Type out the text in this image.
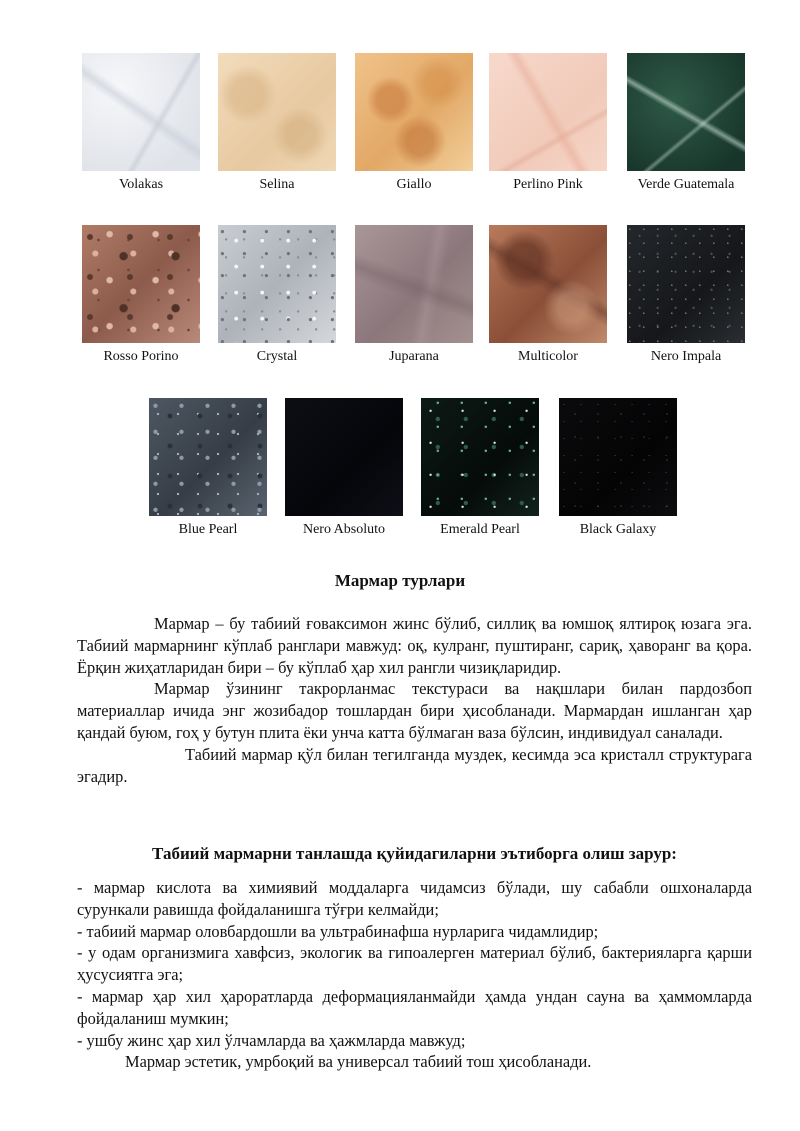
Volakas	Selina	Giallo	Perlino Pink	Verde Guatemala
Rosso Porino	Crystal	Juparana	Multicolor	Nero Impala
Blue Pearl	Nero Absoluto	Emerald Pearl	Black Galaxy
Мармар турлари

Мармар – бу табиий ғовaксимон жинс бўлиб, силлиқ ва юмшоқ ялтироқ юзага эга. Табиий мармарнинг кўплаб ранглари мавжуд: оқ, кулранг, пуштиранг, сариқ, ҳаворанг ва қора. Ёрқин жиҳатларидан бири – бу кўплаб ҳар хил рангли чизиқларидир.

Мармар ўзининг такрорланмас текстураси ва нақшлари билан пардозбоп материаллар ичида энг жозибадор тошлардан бири ҳисобланади. Мармардан ишланган ҳар қандай буюм, гоҳ у бутун плита ёки унча катта бўлмаган ваза бўлсин, индивидуал саналади.

Табиий мармар қўл билан тегилганда муздек, кесимда эса кристалл структурага эгадир.

Табиий мармарни танлашда қуйидагиларни эътиборга олиш зарур:

- мармар кислота ва химиявий моддаларга чидамсиз бўлади, шу сабабли ошхоналарда сурункали равишда фойдаланишга тўғри келмайди;

- табиий мармар оловбардошли ва ультрабинафша нурларига чидамлидир;

- у одам организмига хавфсиз, экологик ва гипоалерген материал бўлиб, бактерияларга қарши ҳусусиятга эга;

- мармар ҳар хил ҳароратларда деформацияланмайди ҳамда ундан сауна ва ҳаммомларда фойдаланиш мумкин;

- ушбу жинс ҳар хил ўлчамларда ва ҳажмларда мавжуд;

Мармар эстетик, умрбоқий ва универсал табиий тош ҳисобланади.
